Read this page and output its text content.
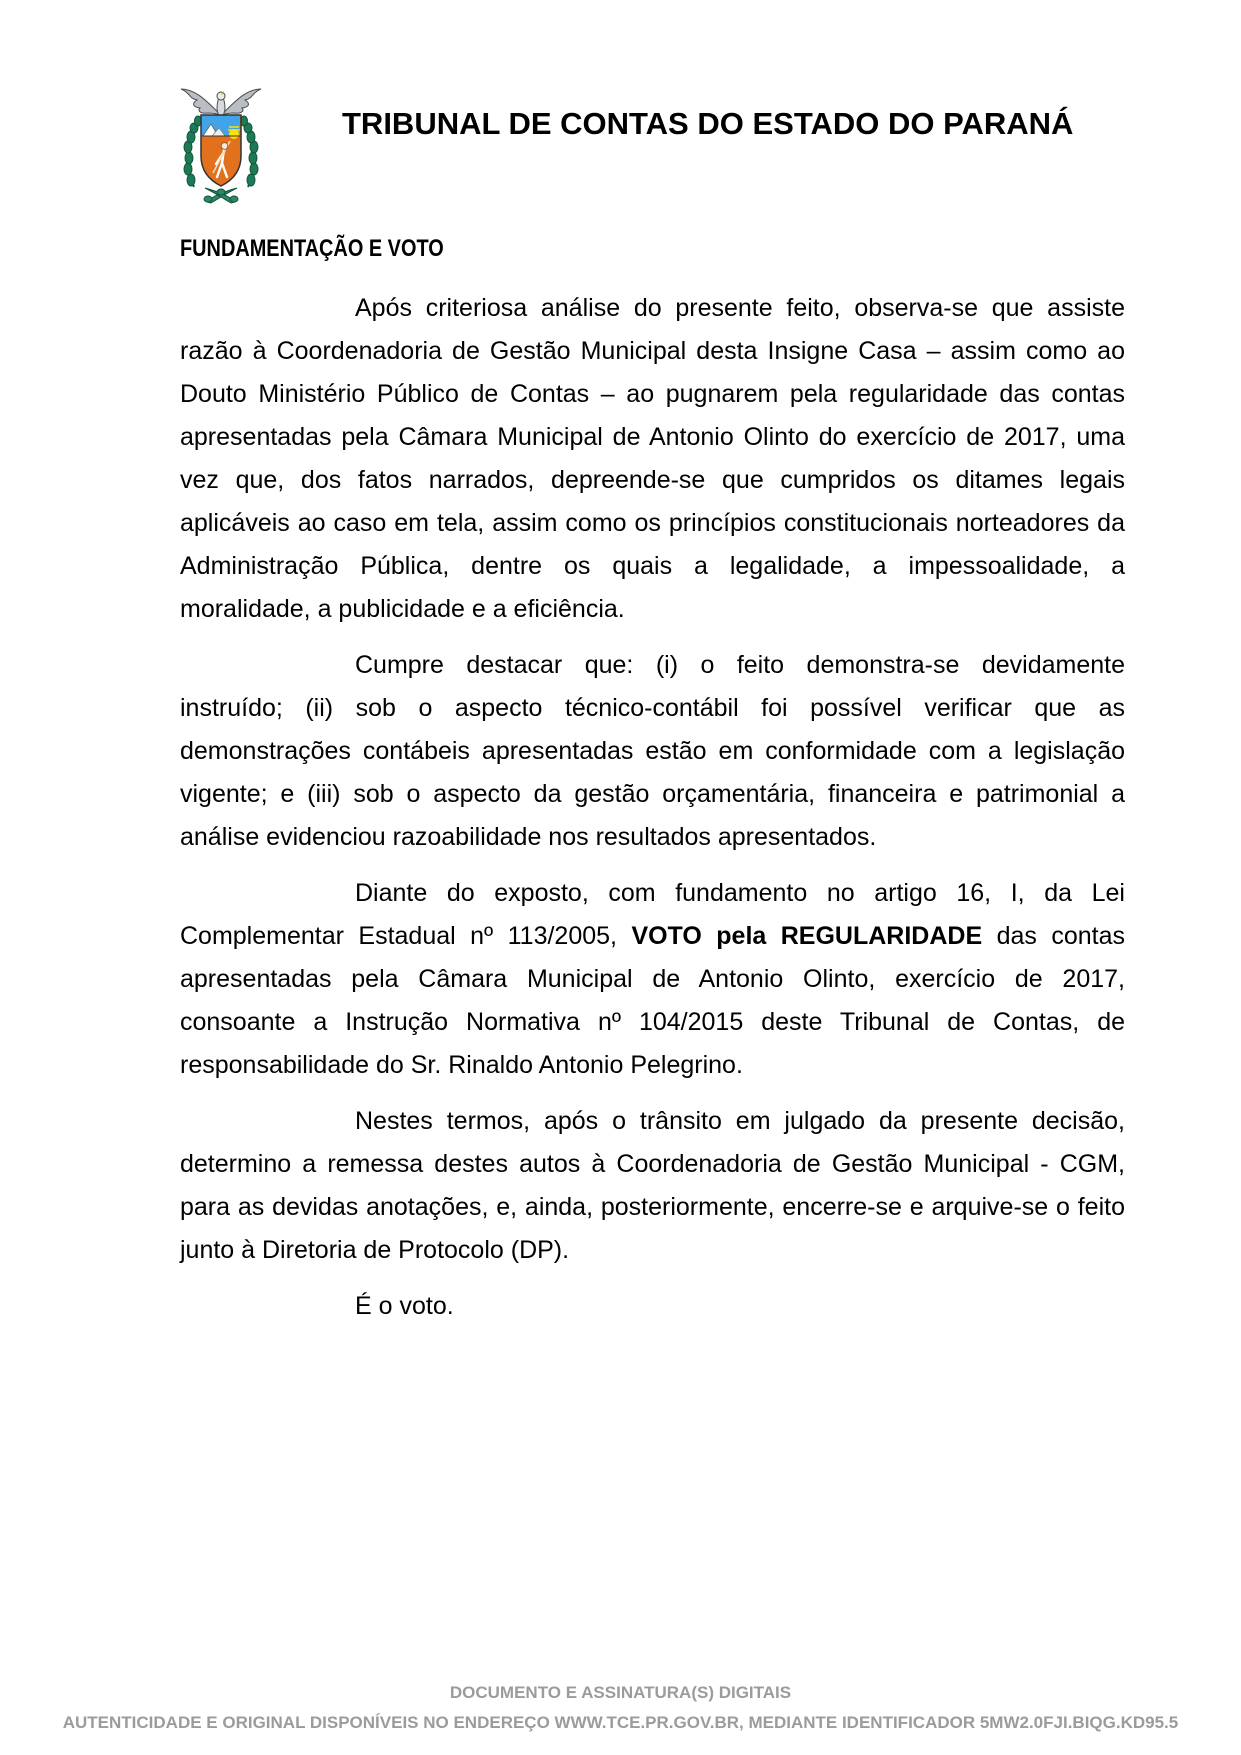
TRIBUNAL DE CONTAS DO ESTADO DO PARANÁ
FUNDAMENTAÇÃO E VOTO

Após criteriosa análise do presente feito, observa-se que assiste razão à Coordenadoria de Gestão Municipal desta Insigne Casa – assim como ao Douto Ministério Público de Contas – ao pugnarem pela regularidade das contas apresentadas pela Câmara Municipal de Antonio Olinto do exercício de 2017, uma vez que, dos fatos narrados, depreende-se que cumpridos os ditames legais aplicáveis ao caso em tela, assim como os princípios constitucionais norteadores da Administração Pública, dentre os quais a legalidade, a impessoalidade, a moralidade, a publicidade e a eficiência.

Cumpre destacar que: (i) o feito demonstra-se devidamente instruído; (ii) sob o aspecto técnico-contábil foi possível verificar que as demonstrações contábeis apresentadas estão em conformidade com a legislação vigente; e (iii) sob o aspecto da gestão orçamentária, financeira e patrimonial a análise evidenciou razoabilidade nos resultados apresentados.

Diante do exposto, com fundamento no artigo 16, I, da Lei Complementar Estadual nº 113/2005, VOTO pela REGULARIDADE das contas apresentadas pela Câmara Municipal de Antonio Olinto, exercício de 2017, consoante a Instrução Normativa nº 104/2015 deste Tribunal de Contas, de responsabilidade do Sr. Rinaldo Antonio Pelegrino.

Nestes termos, após o trânsito em julgado da presente decisão, determino a remessa destes autos à Coordenadoria de Gestão Municipal - CGM, para as devidas anotações, e, ainda, posteriormente, encerre-se e arquive-se o feito junto à Diretoria de Protocolo (DP).

É o voto.

DOCUMENTO E ASSINATURA(S) DIGITAIS
AUTENTICIDADE E ORIGINAL DISPONÍVEIS NO ENDEREÇO WWW.TCE.PR.GOV.BR, MEDIANTE IDENTIFICADOR 5MW2.0FJI.BIQG.KD95.5
